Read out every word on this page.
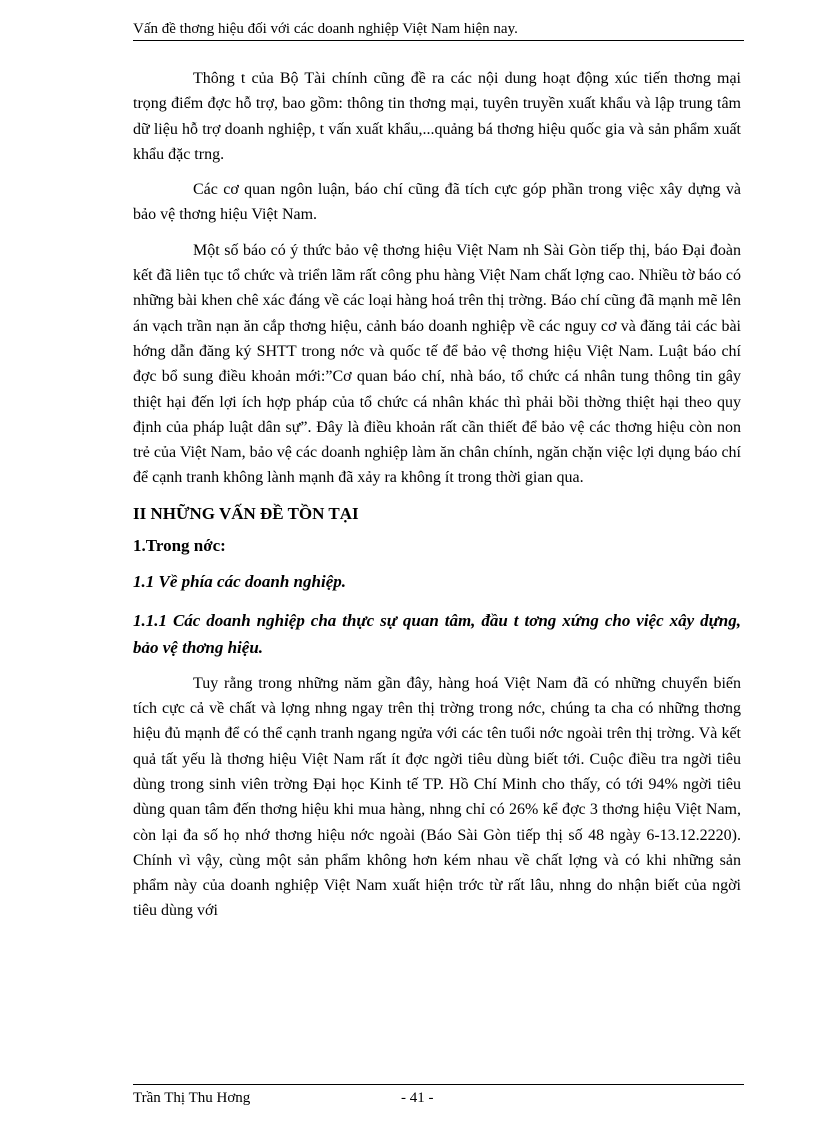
Vấn đề thơng hiệu đối với các doanh nghiệp Việt Nam hiện nay.

Thông t của Bộ Tài chính cũng đề ra các nội dung hoạt động xúc tiến thơng mại trọng điểm đợc hỗ trợ, bao gồm: thông tin thơng mại, tuyên truyền xuất khẩu và lập trung tâm dữ liệu hỗ trợ doanh nghiệp, t vấn xuất khẩu,...quảng bá thơng hiệu quốc gia và sản phẩm xuất khẩu đặc trng.

Các cơ quan ngôn luận, báo chí cũng đã tích cực góp phần trong việc xây dựng và bảo vệ thơng hiệu Việt Nam.

Một số báo có ý thức bảo vệ thơng hiệu Việt Nam nh Sài Gòn tiếp thị, báo Đại đoàn kết đã liên tục tổ chức và triển lãm rất công phu hàng Việt Nam chất lợng cao. Nhiều tờ báo có những bài khen chê xác đáng về các loại hàng hoá trên thị trờng. Báo chí cũng đã mạnh mẽ lên án vạch trần nạn ăn cắp thơng hiệu, cảnh báo doanh nghiệp về các nguy cơ và đăng tải các bài hớng dẫn đăng ký SHTT trong nớc và quốc tế để bảo vệ thơng hiệu Việt Nam. Luật báo chí đợc bổ sung điều khoản mới:”Cơ quan báo chí, nhà báo, tổ chức cá nhân tung thông tin gây thiệt hại đến lợi ích hợp pháp của tổ chức cá nhân khác thì phải bồi thờng thiệt hại theo quy định của pháp luật dân sự”. Đây là điều khoản rất cần thiết để bảo vệ các thơng hiệu còn non trẻ của Việt Nam, bảo vệ các doanh nghiệp làm ăn chân chính, ngăn chặn việc lợi dụng báo chí để cạnh tranh không lành mạnh đã xảy ra không ít trong thời gian qua.

II NHỮNG VẤN ĐỀ TỒN TẠI
1.Trong nớc:
1.1 Về phía các doanh nghiệp.
1.1.1 Các doanh nghiệp cha thực sự quan tâm, đầu t tơng xứng cho việc xây dựng, bảo vệ thơng hiệu.

Tuy rằng trong những năm gần đây, hàng hoá Việt Nam đã có những chuyển biến tích cực cả về chất và lợng nhng ngay trên thị trờng trong nớc, chúng ta cha có những thơng hiệu đủ mạnh để có thể cạnh tranh ngang ngửa với các tên tuổi nớc ngoài trên thị trờng. Và kết quả tất yếu là thơng hiệu Việt Nam rất ít đợc ngời tiêu dùng biết tới. Cuộc điều tra ngời tiêu dùng trong sinh viên trờng Đại học Kinh tế TP. Hồ Chí Minh cho thấy, có tới 94% ngời tiêu dùng quan tâm đến thơng hiệu khi mua hàng, nhng chỉ có 26% kể đợc 3 thơng hiệu Việt Nam, còn lại đa số họ nhớ thơng hiệu nớc ngoài (Báo Sài Gòn tiếp thị số 48 ngày 6-13.12.2220). Chính vì vậy, cùng một sản phẩm không hơn kém nhau về chất lợng và có khi những sản phẩm này của doanh nghiệp Việt Nam xuất hiện trớc từ rất lâu, nhng do nhận biết của ngời tiêu dùng với

Trần Thị Thu Hơng	- 41 -
